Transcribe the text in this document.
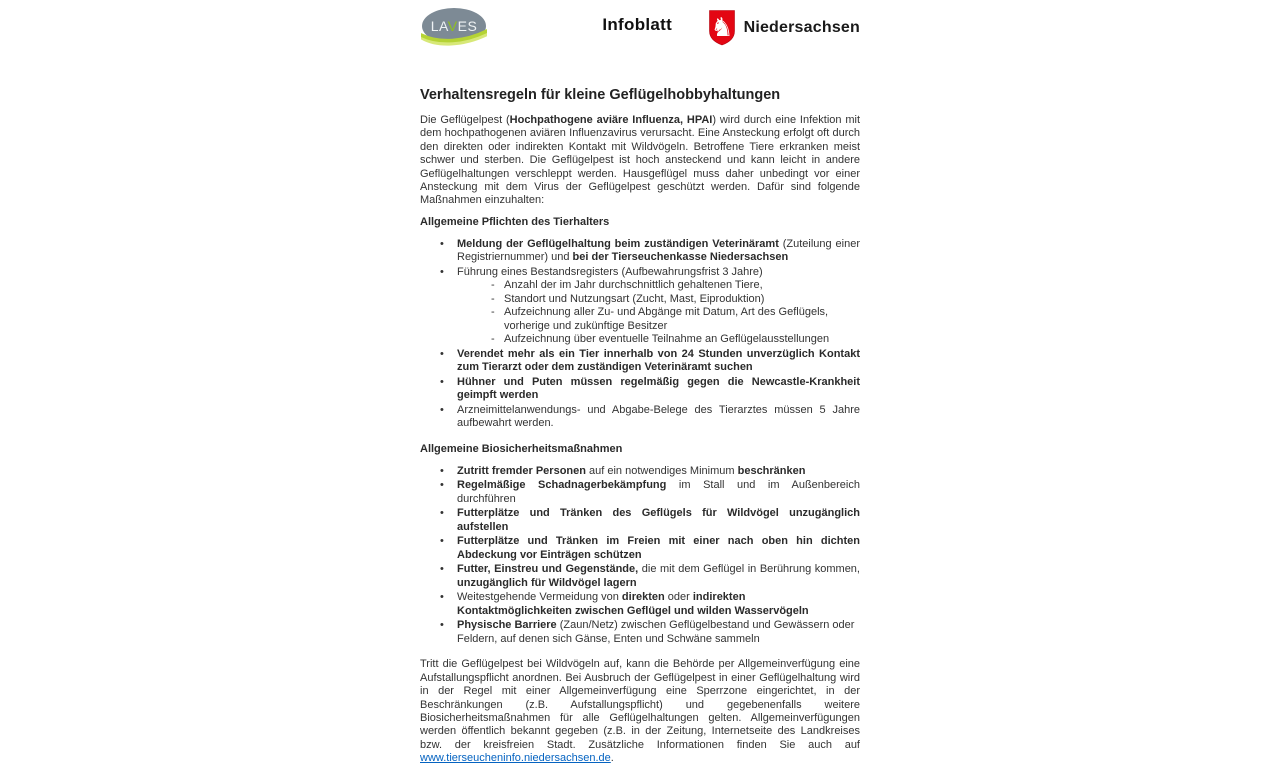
LAVES	Infoblatt ♞ Niedersachsen
Verhaltensregeln für kleine Geflügelhobbyhaltungen

Die Geflügelpest (Hochpathogene aviäre Influenza, HPAI) wird durch eine Infektion mit dem hochpathogenen aviären Influenzavirus verursacht. Eine Ansteckung erfolgt oft durch den direkten oder indirekten Kontakt mit Wildvögeln. Betroffene Tiere erkranken meist schwer und sterben. Die Geflügelpest ist hoch ansteckend und kann leicht in andere Geflügelhaltungen verschleppt werden. Hausgeflügel muss daher unbedingt vor einer Ansteckung mit dem Virus der Geflügelpest geschützt werden. Dafür sind folgende Maßnahmen einzuhalten:

Allgemeine Pflichten des Tierhalters
• Meldung der Geflügelhaltung beim zuständigen Veterinäramt (Zuteilung einer Registriernummer) und bei der Tierseuchenkasse Niedersachsen
• Führung eines Bestandsregisters (Aufbewahrungsfrist 3 Jahre)
- Anzahl der im Jahr durchschnittlich gehaltenen Tiere,
- Standort und Nutzungsart (Zucht, Mast, Eiproduktion)
- Aufzeichnung aller Zu- und Abgänge mit Datum, Art des Geflügels, vorherige und zukünftige Besitzer
- Aufzeichnung über eventuelle Teilnahme an Geflügelausstellungen
• Verendet mehr als ein Tier innerhalb von 24 Stunden unverzüglich Kontakt zum Tierarzt oder dem zuständigen Veterinäramt suchen
• Hühner und Puten müssen regelmäßig gegen die Newcastle-Krankheit geimpft werden
• Arzneimittelanwendungs- und Abgabe-Belege des Tierarztes müssen 5 Jahre aufbewahrt werden.
Allgemeine Biosicherheitsmaßnahmen
• Zutritt fremder Personen auf ein notwendiges Minimum beschränken
• Regelmäßige Schadnagerbekämpfung im Stall und im Außenbereich durchführen
• Futterplätze und Tränken des Geflügels für Wildvögel unzugänglich aufstellen
• Futterplätze und Tränken im Freien mit einer nach oben hin dichten Abdeckung vor Einträgen schützen
• Futter, Einstreu und Gegenstände, die mit dem Geflügel in Berührung kommen, unzugänglich für Wildvögel lagern
• Weitestgehende Vermeidung von direkten oder indirekten Kontaktmöglichkeiten zwischen Geflügel und wilden Wasservögeln
• Physische Barriere (Zaun/Netz) zwischen Geflügelbestand und Gewässern oder Feldern, auf denen sich Gänse, Enten und Schwäne sammeln

Tritt die Geflügelpest bei Wildvögeln auf, kann die Behörde per Allgemeinverfügung eine Aufstallungspflicht anordnen. Bei Ausbruch der Geflügelpest in einer Geflügelhaltung wird in der Regel mit einer Allgemeinverfügung eine Sperrzone eingerichtet, in der Beschränkungen (z.B. Aufstallungspflicht) und gegebenenfalls weitere Biosicherheitsmaßnahmen für alle Geflügelhaltungen gelten. Allgemeinverfügungen werden öffentlich bekannt gegeben (z.B. in der Zeitung, Internetseite des Landkreises bzw. der kreisfreien Stadt. Zusätzliche Informationen finden Sie auch auf www.tierseucheninfo.niedersachsen.de.
